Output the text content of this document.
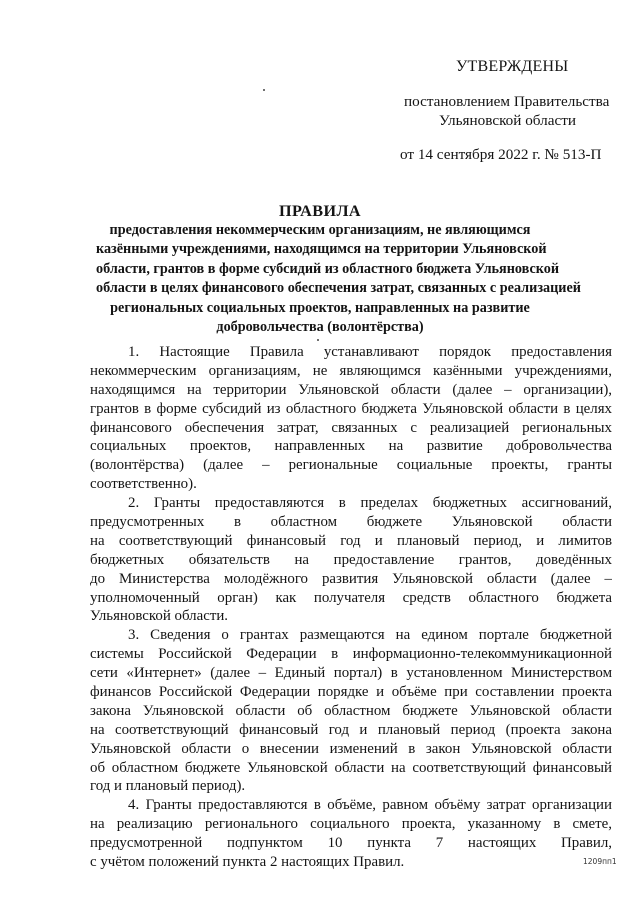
УТВЕРЖДЕНЫ
постановлением Правительства
Ульяновской области
от 14 сентября 2022 г. № 513-П
ПРАВИЛА
предоставления некоммерческим организациям, не являющимся
казёнными учреждениями, находящимся на территории Ульяновской
области, грантов в форме субсидий из областного бюджета Ульяновской
области в целях финансового обеспечения затрат, связанных с реализацией
региональных социальных проектов, направленных на развитие
добровольчества (волонтёрства)
1. Настоящие Правила устанавливают порядок предоставления
некоммерческим организациям, не являющимся казёнными учреждениями,
находящимся на территории Ульяновской области (далее – организации),
грантов в форме субсидий из областного бюджета Ульяновской области в целях
финансового обеспечения затрат, связанных с реализацией региональных
социальных проектов, направленных на развитие добровольчества
(волонтёрства) (далее – региональные социальные проекты, гранты
соответственно).
2. Гранты предоставляются в пределах бюджетных ассигнований,
предусмотренных в областном бюджете Ульяновской области
на соответствующий финансовый год и плановый период, и лимитов
бюджетных обязательств на предоставление грантов, доведённых
до Министерства молодёжного развития Ульяновской области (далее –
уполномоченный орган) как получателя средств областного бюджета
Ульяновской области.
3. Сведения о грантах размещаются на едином портале бюджетной
системы Российской Федерации в информационно-телекоммуникационной
сети «Интернет» (далее – Единый портал) в установленном Министерством
финансов Российской Федерации порядке и объёме при составлении проекта
закона Ульяновской области об областном бюджете Ульяновской области
на соответствующий финансовый год и плановый период (проекта закона
Ульяновской области о внесении изменений в закон Ульяновской области
об областном бюджете Ульяновской области на соответствующий финансовый
год и плановый период).
4. Гранты предоставляются в объёме, равном объёму затрат организации
на реализацию регионального социального проекта, указанному в смете,
предусмотренной подпунктом 10 пункта 7 настоящих Правил,
с учётом положений пункта 2 настоящих Правил.	1209пп1
